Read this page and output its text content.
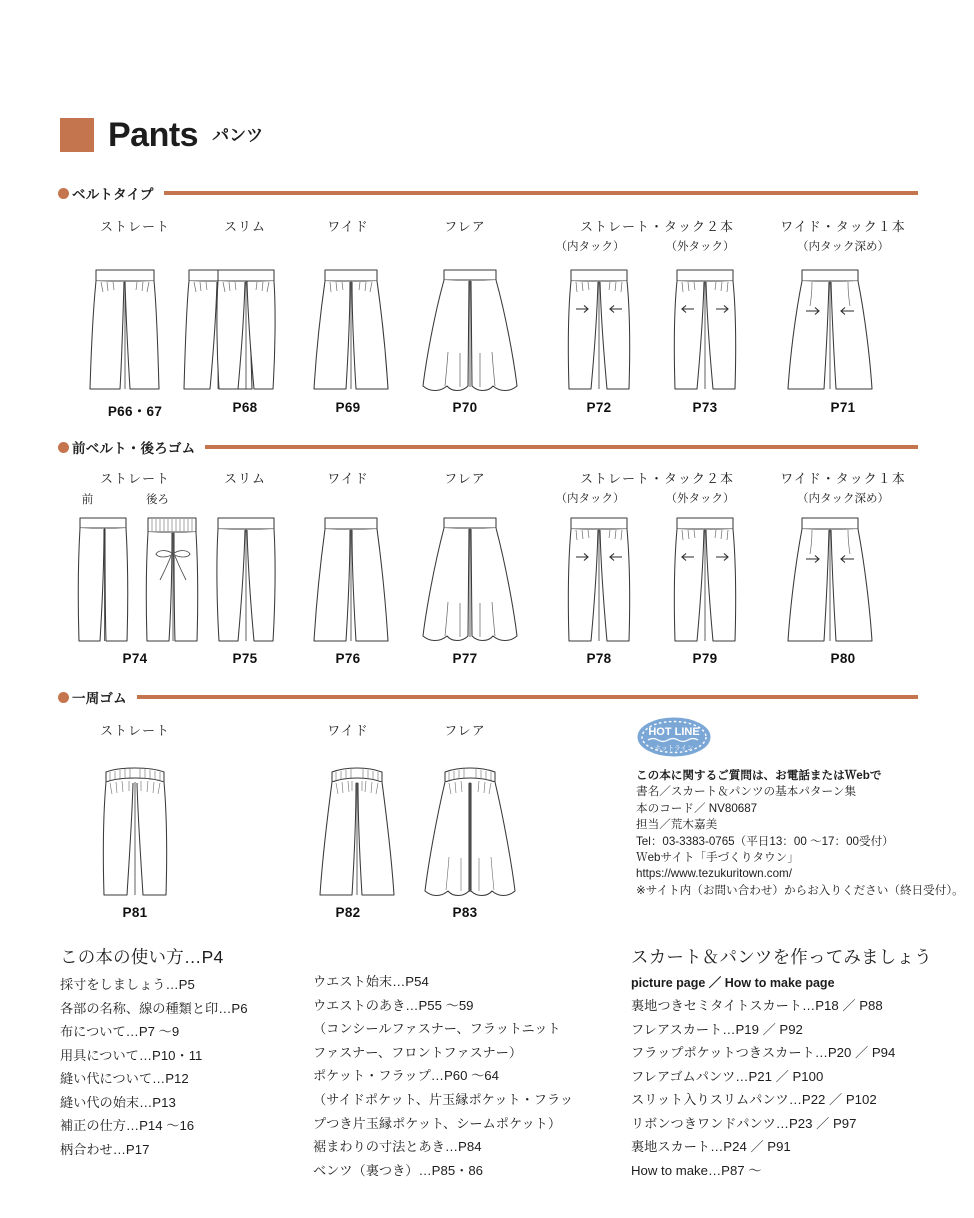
Pants パンツ
ベルトタイプ
ストレート	スリム	ワイド	フレア	ストレート・タック２本
（内タック）	（外タック）
ワイド・タック１本
（内タック深め）
P66・67	P68	P69	P70	P72	P73	P71
前ベルト・後ろゴム
ストレート
前	後ろ
スリム	ワイド	フレア	ストレート・タック２本
（内タック）	（外タック）
ワイド・タック１本
（内タック深め）
P74	P75	P76	P77	P78	P79	P80
一周ゴム
ストレート	ワイド	フレア
P81	P82	P83
HOT LINE
ホットライン
この本に関するご質問は、お電話またはＷebで
書名／スカート＆パンツの基本パターン集
本のコード／ NV80687
担当／荒木嘉美
Tel：03-3383-0765（平日13：00 ～17：00受付）
Ｗebサイト「手づくりタウン」
https://www.tezukuritown.com/
※サイト内（お問い合わせ）からお入りください（終日受付）。
この本の使い方…P4
採寸をしましょう…P5
各部の名称、線の種類と印…P6
布について…P7 ～9
用具について…P10・11
縫い代について…P12
縫い代の始末…P13
補正の仕方…P14 ～16
柄合わせ…P17
ウエスト始末…P54
ウエストのあき…P55 ～59
（コンシールファスナー、フラットニット
ファスナー、フロントファスナー）
ポケット・フラップ…P60 ～64
（サイドポケット、片玉縁ポケット・フラッ
プつき片玉縁ポケット、シームポケット）
裾まわりの寸法とあき…P84
ベンツ（裏つき）…P85・86
スカート＆パンツを作ってみましょう
picture page ／ How to make page
裏地つきセミタイトスカート…P18 ／ P88
フレアスカート…P19 ／ P92
フラップポケットつきスカート…P20 ／ P94
フレアゴムパンツ…P21 ／ P100
スリット入りスリムパンツ…P22 ／ P102
リボンつきワンドパンツ…P23 ／ P97
裏地スカート…P24 ／ P91
How to make…P87 ～
